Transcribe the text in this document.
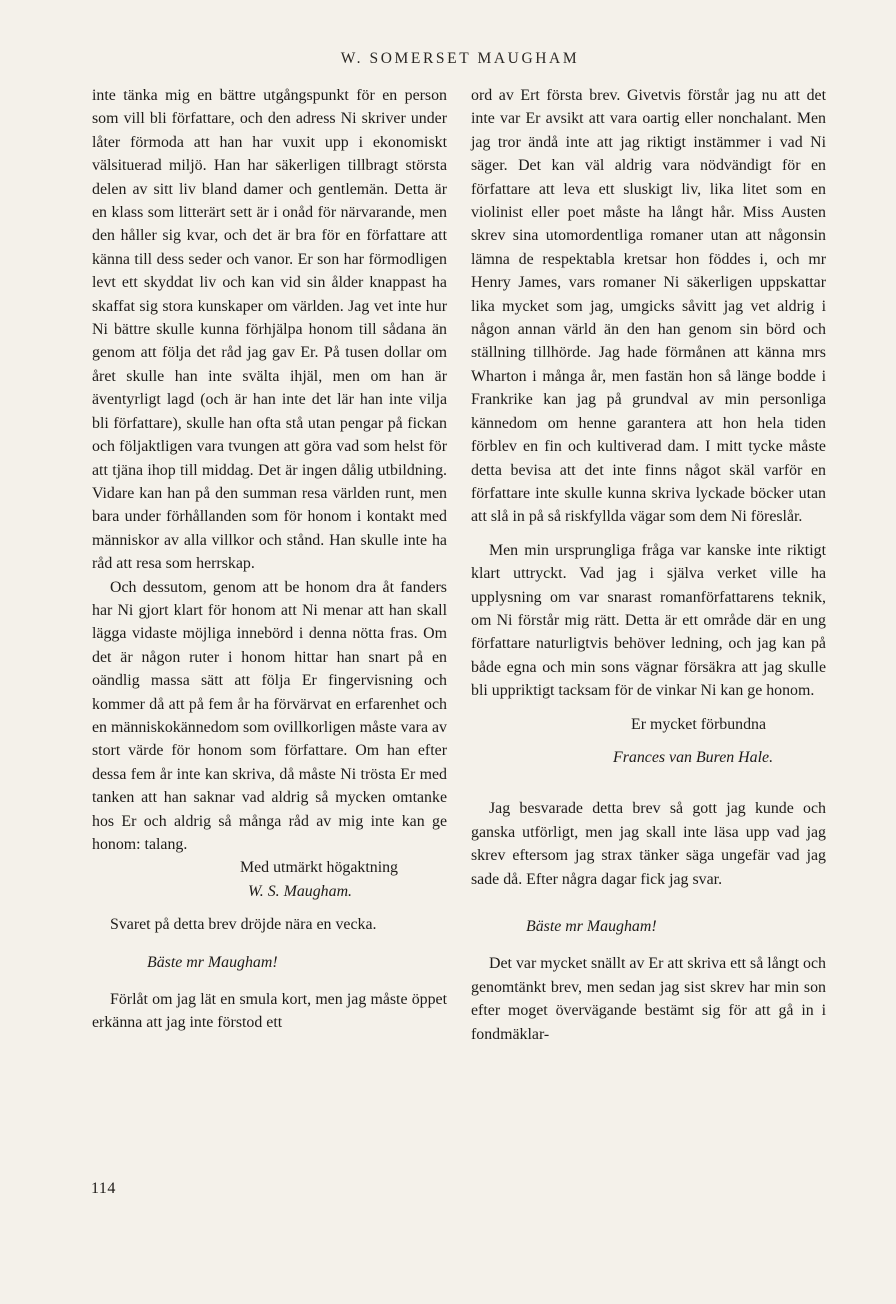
W. SOMERSET MAUGHAM

inte tänka mig en bättre utgångspunkt för en person som vill bli författare, och den adress Ni skriver under låter förmoda att han har vuxit upp i ekonomiskt välsituerad miljö. Han har säkerligen tillbragt största delen av sitt liv bland damer och gentlemän. Detta är en klass som litterärt sett är i onåd för närvarande, men den håller sig kvar, och det är bra för en författare att känna till dess seder och vanor. Er son har förmodligen levt ett skyddat liv och kan vid sin ålder knappast ha skaffat sig stora kunskaper om världen. Jag vet inte hur Ni bättre skulle kunna förhjälpa honom till sådana än genom att följa det råd jag gav Er. På tusen dollar om året skulle han inte svälta ihjäl, men om han är äventyrligt lagd (och är han inte det lär han inte vilja bli författare), skulle han ofta stå utan pengar på fickan och följaktligen vara tvungen att göra vad som helst för att tjäna ihop till middag. Det är ingen dålig utbildning. Vidare kan han på den summan resa världen runt, men bara under förhållanden som för honom i kontakt med människor av alla villkor och stånd. Han skulle inte ha råd att resa som herrskap.

Och dessutom, genom att be honom dra åt fanders har Ni gjort klart för honom att Ni menar att han skall lägga vidaste möjliga innebörd i denna nötta fras. Om det är någon ruter i honom hittar han snart på en oändlig massa sätt att följa Er fingervisning och kommer då att på fem år ha förvärvat en erfarenhet och en människokännedom som ovillkorligen måste vara av stort värde för honom som författare. Om han efter dessa fem år inte kan skriva, då måste Ni trösta Er med tanken att han saknar vad aldrig så mycken omtanke hos Er och aldrig så många råd av mig inte kan ge honom: talang.

Med utmärkt högaktning

W. S. Maugham.

Svaret på detta brev dröjde nära en vecka.

Bäste mr Maugham!

Förlåt om jag lät en smula kort, men jag måste öppet erkänna att jag inte förstod ett

ord av Ert första brev. Givetvis förstår jag nu att det inte var Er avsikt att vara oartig eller nonchalant. Men jag tror ändå inte att jag riktigt instämmer i vad Ni säger. Det kan väl aldrig vara nödvändigt för en författare att leva ett sluskigt liv, lika litet som en violinist eller poet måste ha långt hår. Miss Austen skrev sina utomordentliga romaner utan att någonsin lämna de respektabla kretsar hon föddes i, och mr Henry James, vars romaner Ni säkerligen uppskattar lika mycket som jag, umgicks såvitt jag vet aldrig i någon annan värld än den han genom sin börd och ställning tillhörde. Jag hade förmånen att känna mrs Wharton i många år, men fastän hon så länge bodde i Frankrike kan jag på grundval av min personliga kännedom om henne garantera att hon hela tiden förblev en fin och kultiverad dam. I mitt tycke måste detta bevisa att det inte finns något skäl varför en författare inte skulle kunna skriva lyckade böcker utan att slå in på så riskfyllda vägar som dem Ni föreslår.

Men min ursprungliga fråga var kanske inte riktigt klart uttryckt. Vad jag i själva verket ville ha upplysning om var snarast romanförfattarens teknik, om Ni förstår mig rätt. Detta är ett område där en ung författare naturligtvis behöver ledning, och jag kan på både egna och min sons vägnar försäkra att jag skulle bli uppriktigt tacksam för de vinkar Ni kan ge honom.

Er mycket förbundna

Frances van Buren Hale.

Jag besvarade detta brev så gott jag kunde och ganska utförligt, men jag skall inte läsa upp vad jag skrev eftersom jag strax tänker säga ungefär vad jag sade då. Efter några dagar fick jag svar.

Bäste mr Maugham!

Det var mycket snällt av Er att skriva ett så långt och genomtänkt brev, men sedan jag sist skrev har min son efter moget övervägande bestämt sig för att gå in i fondmäklar-

114
